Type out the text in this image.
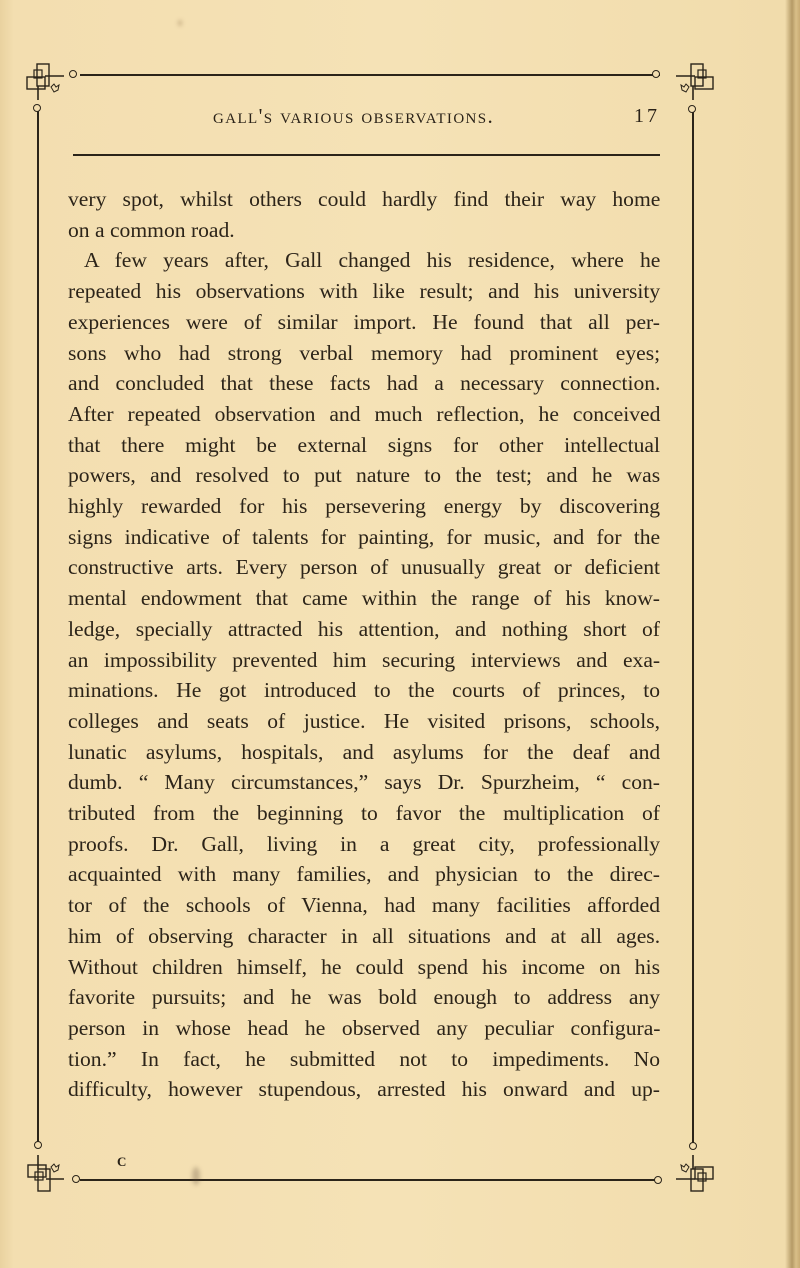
gall's various observations.	17
very spot, whilst others could hardly find their way home
on a common road.
A few years after, Gall changed his residence, where he
repeated his observations with like result; and his university
experiences were of similar import. He found that all per-
sons who had strong verbal memory had prominent eyes;
and concluded that these facts had a necessary connection.
After repeated observation and much reflection, he conceived
that there might be external signs for other intellectual
powers, and resolved to put nature to the test; and he was
highly rewarded for his persevering energy by discovering
signs indicative of talents for painting, for music, and for the
constructive arts. Every person of unusually great or deficient
mental endowment that came within the range of his know-
ledge, specially attracted his attention, and nothing short of
an impossibility prevented him securing interviews and exa-
minations. He got introduced to the courts of princes, to
colleges and seats of justice. He visited prisons, schools,
lunatic asylums, hospitals, and asylums for the deaf and
dumb. “ Many circumstances,” says Dr. Spurzheim, “ con-
tributed from the beginning to favor the multiplication of
proofs. Dr. Gall, living in a great city, professionally
acquainted with many families, and physician to the direc-
tor of the schools of Vienna, had many facilities afforded
him of observing character in all situations and at all ages.
Without children himself, he could spend his income on his
favorite pursuits; and he was bold enough to address any
person in whose head he observed any peculiar configura-
tion.” In fact, he submitted not to impediments. No
difficulty, however stupendous, arrested his onward and up-
C
